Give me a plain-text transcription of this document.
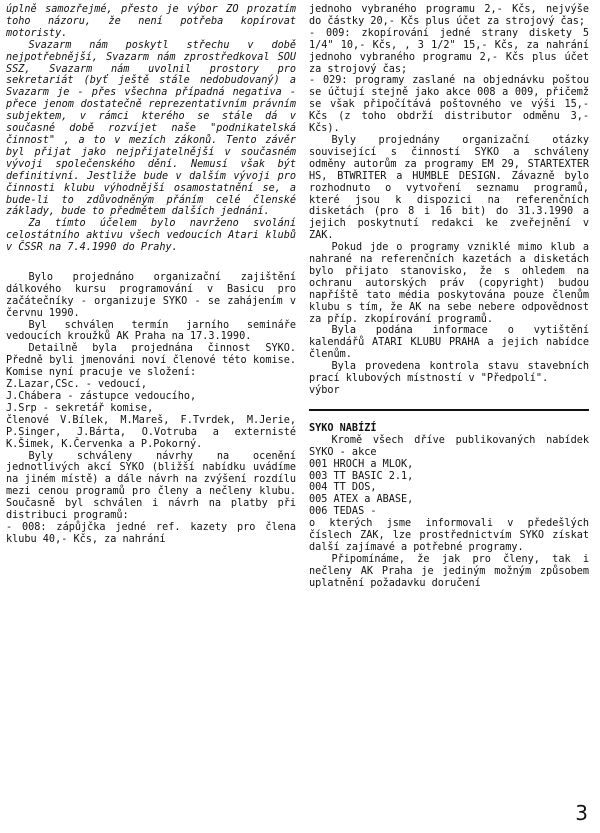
úplně samozřejmé, přesto je výbor ZO prozatím toho názoru, že není potřeba kopírovat motoristy.

Svazarm nám poskytl střechu v době nejpotřebnější, Svazarm nám zprostředkoval SOU SSZ, Svazarm nám uvolnil prostory pro sekretariát (byť ještě stále nedobudovaný) a Svazarm je - přes všechna případná negativa - přece jenom dostatečně reprezentativním právním subjektem, v rámci kterého se stále dá v současné době rozvíjet naše "podnikatelská činnost" , a to v mezích zákonů. Tento závěr byl přijat jako nejpřijatelnější v současném vývoji společenského dění. Nemusí však být definitivní. Jestliže bude v dalším vývoji pro činnosti klubu výhodnější osamostatnění se, a bude-li to zdůvodněným přáním celé členské základy, bude to předmětem dalších jednání.

Za tímto účelem bylo navrženo svolání celostátního aktivu všech vedoucích Atari klubů v ČSSR na 7.4.1990 do Prahy.

Bylo projednáno organizační zajištění dálkového kursu programování v Basicu pro začátečníky - organizuje SYKO - se zahájením v červnu 1990.

Byl schválen termín jarního semináře vedoucích kroužků AK Praha na 17.3.1990.

Detailně byla projednána činnost SYKO. Předně byli jmenováni noví členové této komise. Komise nyní pracuje ve složení:

Z.Lazar,CSc. - vedoucí,

J.Chábera - zástupce vedoucího,

J.Srp - sekretář komise,

členové V.Bílek, M.Mareš, F.Tvrdek, M.Jerie, P.Singer, J.Bárta, O.Votruba a externisté K.Šimek, K.Červenka a P.Pokorný.

Byly schváleny návrhy na ocenění jednotlivých akcí SYKO (bližší nabídku uvádíme na jiném místě) a dále návrh na zvýšení rozdílu mezi cenou programů pro členy a nečleny klubu. Současně byl schválen i návrh na platby při distribuci programů:

- 008: zápůjčka jedné ref. kazety pro člena klubu 40,- Kčs, za nahrání

jednoho vybraného programu 2,- Kčs, nejvýše do částky 20,- Kčs plus účet za strojový čas;

- 009: zkopírování jedné strany diskety 5 1/4" 10,- Kčs, , 3 1/2" 15,- Kčs, za nahrání jednoho vybraného programu 2,- Kčs plus účet za strojový čas;

- 029: programy zaslané na objednávku poštou se účtují stejně jako akce 008 a 009, přičemž se však připočítává poštovného ve výši 15,- Kčs (z toho obdrží distributor odměnu 3,- Kčs).

Byly projednány organizační otázky související s činností SYKO a schváleny odměny autorům za programy EM 29, STARTEXTER HS, BTWRITER a HUMBLE DESIGN. Závazně bylo rozhodnuto o vytvoření seznamu programů, které jsou k dispozici na referenčních disketách (pro 8 i 16 bit) do 31.3.1990 a jejich poskytnutí redakci ke zveřejnění v ZAK.

Pokud jde o programy vzniklé mimo klub a nahrané na referenčních kazetách a disketách bylo přijato stanovisko, že s ohledem na ochranu autorských práv (copyright) budou napříště tato média poskytována pouze členům klubu s tím, že AK na sebe nebere odpovědnost za příp. zkopírování programů.

Byla podána informace o vytištění kalendářů ATARI KLUBU PRAHA a jejich nabídce členům.

Byla provedena kontrola stavu stavebních prací klubových místností v "Předpolí".

výbor

SYKO NABÍZÍ

Kromě všech dříve publikovaných nabídek SYKO - akce

001 HROCH a MLOK,

003 TT BASIC 2.1,

004 TT DOS,

005 ATEX a ABASE,

006 TEDAS -

o kterých jsme informovali v předešlých číslech ZAK, lze prostřednictvím SYKO získat další zajímavé a potřebné programy.

Připomínáme, že jak pro členy, tak i nečleny AK Praha je jediným možným způsobem uplatnění požadavku doručení

3
